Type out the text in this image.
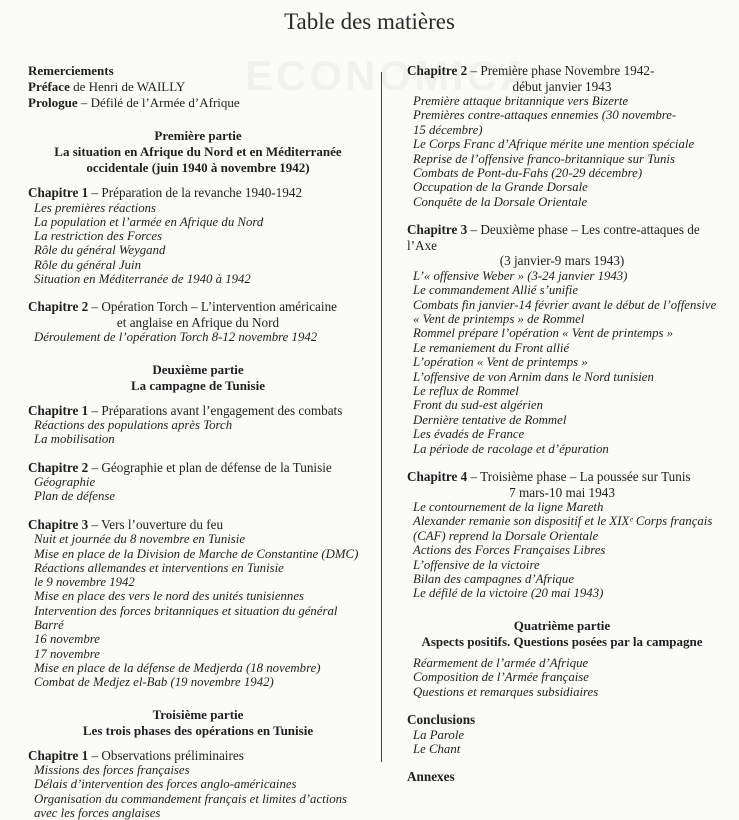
Table des matières

Remerciements

Préface de Henri de WAILLY

Prologue – Défilé de l’Armée d’Afrique

Première partie
La situation en Afrique du Nord et en Méditerranée occidentale (juin 1940 à novembre 1942)

Chapitre 1 – Préparation de la revanche 1940-1942

Les premières réactions
La population et l’armée en Afrique du Nord
La restriction des Forces
Rôle du général Weygand
Rôle du général Juin
Situation en Méditerranée de 1940 à 1942

Chapitre 2 – Opération Torch – L’intervention américaine
et anglaise en Afrique du Nord

Déroulement de l’opération Torch 8-12 novembre 1942
Deuxième partie
La campagne de Tunisie

Chapitre 1 – Préparations avant l’engagement des combats

Réactions des populations après Torch
La mobilisation

Chapitre 2 – Géographie et plan de défense de la Tunisie

Géographie
Plan de défense

Chapitre 3 – Vers l’ouverture du feu

Nuit et journée du 8 novembre en Tunisie
Mise en place de la Division de Marche de Constantine (DMC)
Réactions allemandes et interventions en Tunisie
le 9 novembre 1942
Mise en place des vers le nord des unités tunisiennes
Intervention des forces britanniques et situation du général Barré
16 novembre
17 novembre
Mise en place de la défense de Medjerda (18 novembre)
Combat de Medjez el-Bab (19 novembre 1942)
Troisième partie
Les trois phases des opérations en Tunisie

Chapitre 1 – Observations préliminaires

Missions des forces françaises
Délais d’intervention des forces anglo-américaines
Organisation du commandement français et limites d’actions
avec les forces anglaises

Chapitre 2 – Première phase Novembre 1942-
début janvier 1943

Première attaque britannique vers Bizerte
Premières contre-attaques ennemies (30 novembre-
15 décembre)
Le Corps Franc d’Afrique mérite une mention spéciale
Reprise de l’offensive franco-britannique sur Tunis
Combats de Pont-du-Fahs (20-29 décembre)
Occupation de la Grande Dorsale
Conquête de la Dorsale Orientale

Chapitre 3 – Deuxième phase – Les contre-attaques de l’Axe
(3 janvier-9 mars 1943)

L’« offensive Weber » (3-24 janvier 1943)
Le commandement Allié s’unifie
Combats fin janvier-14 février avant le début de l’offensive
« Vent de printemps » de Rommel
Rommel prépare l’opération « Vent de printemps »
Le remaniement du Front allié
L’opération « Vent de printemps »
L’offensive de von Arnim dans le Nord tunisien
Le reflux de Rommel
Front du sud-est algérien
Dernière tentative de Rommel
Les évadés de France
La période de racolage et d’épuration

Chapitre 4 – Troisième phase – La poussée sur Tunis
7 mars-10 mai 1943

Le contournement de la ligne Mareth
Alexander remanie son dispositif et le XIXᵉ Corps français
(CAF) reprend la Dorsale Orientale
Actions des Forces Françaises Libres
L’offensive de la victoire
Bilan des campagnes d’Afrique
Le défilé de la victoire (20 mai 1943)
Quatrième partie
Aspects positifs. Questions posées par la campagne
Réarmement de l’armée d’Afrique
Composition de l’Armée française
Questions et remarques subsidiaires

Conclusions

La Parole
Le Chant

Annexes
